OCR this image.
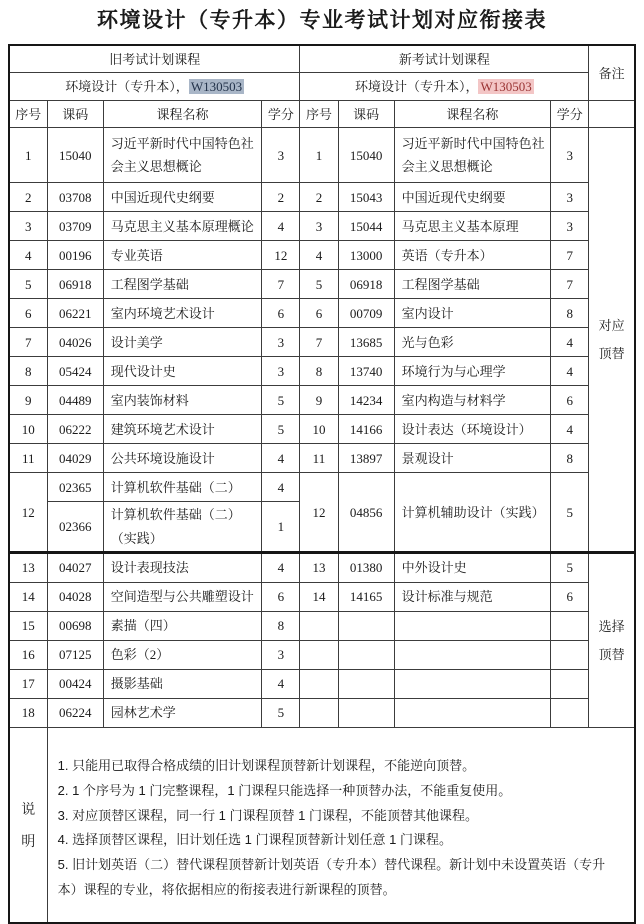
环境设计（专升本）专业考试计划对应衔接表
旧考试计划课程				新考试计划课程				备注
环境设计（专升本）， W130503				环境设计（专升本）， W130503				
序号	课码	课程名称	学分	序号	课码	课程名称	学分	
1	15040	习近平新时代中国特色社会主义思想概论	3	1	15040	习近平新时代中国特色社会主义思想概论	3	对应顶替
2	03708	中国近现代史纲要	2	2	15043	中国近现代史纲要	3	
3	03709	马克思主义基本原理概论	4	3	15044	马克思主义基本原理	3	
4	00196	专业英语	12	4	13000	英语（专升本）	7	
5	06918	工程图学基础	7	5	06918	工程图学基础	7	
6	06221	室内环境艺术设计	6	6	00709	室内设计	8	
7	04026	设计美学	3	7	13685	光与色彩	4	
8	05424	现代设计史	3	8	13740	环境行为与心理学	4	
9	04489	室内装饰材料	5	9	14234	室内构造与材料学	6	
10	06222	建筑环境艺术设计	5	10	14166	设计表达（环境设计）	4	
11	04029	公共环境设施设计	4	11	13897	景观设计	8	
12	02365	计算机软件基础（二）	4	12	04856	计算机辅助设计（实践）	5	
	02366	计算机软件基础（二）（实践）	1					
13	04027	设计表现技法	4	13	01380	中外设计史	5	选择顶替
14	04028	空间造型与公共雕塑设计	6	14	14165	设计标准与规范	6	
15	00698	素描（四）	8					
16	07125	色彩（2）	3					
17	00424	摄影基础	4					
18	06224	园林艺术学	5					
说明	1. 只能用已取得合格成绩的旧计划课程顶替新计划课程，不能逆向顶替。
2. 1 个序号为 1 门完整课程，1 门课程只能选择一种顶替办法，不能重复使用。
3. 对应顶替区课程，同一行 1 门课程顶替 1 门课程，不能顶替其他课程。
4. 选择顶替区课程，旧计划任选 1 门课程顶替新计划任意 1 门课程。
5. 旧计划英语（二）替代课程顶替新计划英语（专升本）替代课程。新计划中未设置英语（专升本）课程的专业，将依据相应的衔接表进行新课程的顶替。							
